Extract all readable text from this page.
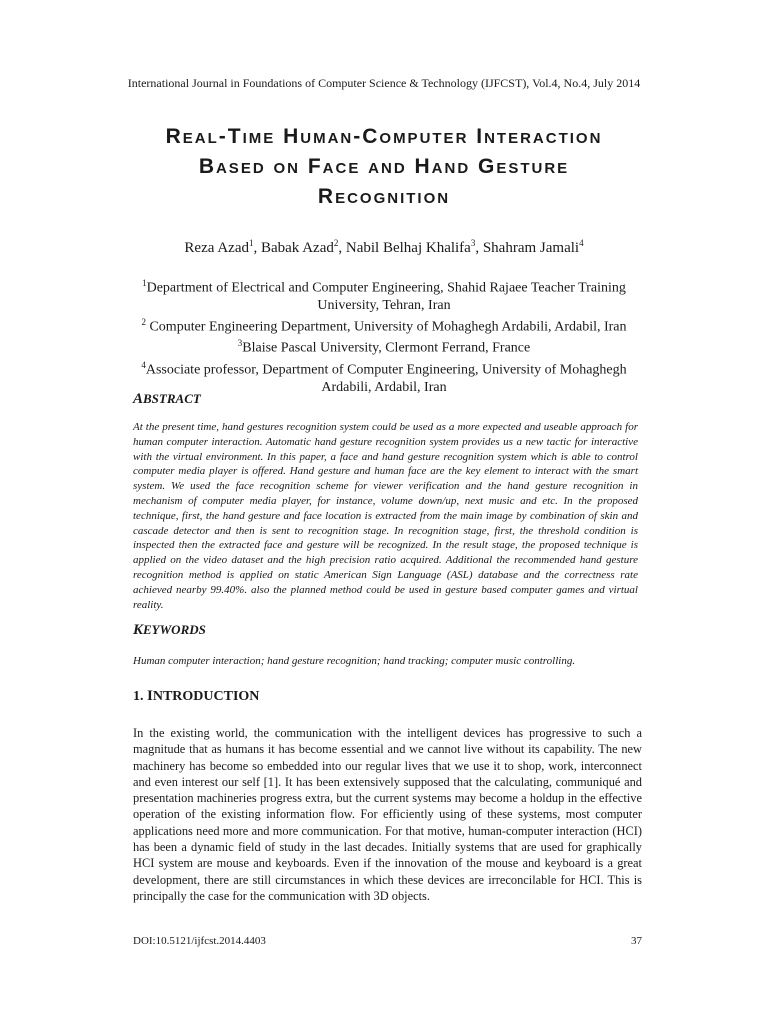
International Journal in Foundations of Computer Science & Technology (IJFCST), Vol.4, No.4, July 2014
Real-Time Human-Computer Interaction
Based on Face and Hand Gesture
Recognition
Reza Azad$^1$, Babak Azad$^2$, Nabil Belhaj Khalifa$^3$, Shahram Jamali$^4$
$^1$Department of Electrical and Computer Engineering, Shahid Rajaee Teacher Training University, Tehran, Iran
$^2$ Computer Engineering Department, University of Mohaghegh Ardabili, Ardabil, Iran
$^3$Blaise Pascal University, Clermont Ferrand, France
$^4$Associate professor, Department of Computer Engineering, University of Mohaghegh Ardabili, Ardabil, Iran
ABSTRACT
At the present time, hand gestures recognition system could be used as a more expected and useable approach for human computer interaction. Automatic hand gesture recognition system provides us a new tactic for interactive with the virtual environment. In this paper, a face and hand gesture recognition system which is able to control computer media player is offered. Hand gesture and human face are the key element to interact with the smart system. We used the face recognition scheme for viewer verification and the hand gesture recognition in mechanism of computer media player, for instance, volume down/up, next music and etc. In the proposed technique, first, the hand gesture and face location is extracted from the main image by combination of skin and cascade detector and then is sent to recognition stage. In recognition stage, first, the threshold condition is inspected then the extracted face and gesture will be recognized. In the result stage, the proposed technique is applied on the video dataset and the high precision ratio acquired. Additional the recommended hand gesture recognition method is applied on static American Sign Language (ASL) database and the correctness rate achieved nearby 99.40%. also the planned method could be used in gesture based computer games and virtual reality.
KEYWORDS
Human computer interaction; hand gesture recognition; hand tracking; computer music controlling.
1. INTRODUCTION
In the existing world, the communication with the intelligent devices has progressive to such a magnitude that as humans it has become essential and we cannot live without its capability. The new machinery has become so embedded into our regular lives that we use it to shop, work, interconnect and even interest our self [1]. It has been extensively supposed that the calculating, communiqué and presentation machineries progress extra, but the current systems may become a holdup in the effective operation of the existing information flow. For efficiently using of these systems, most computer applications need more and more communication. For that motive, human-computer interaction (HCI) has been a dynamic field of study in the last decades. Initially systems that are used for graphically HCI system are mouse and keyboards. Even if the innovation of the mouse and keyboard is a great development, there are still circumstances in which these devices are irreconcilable for HCI. This is principally the case for the communication with 3D objects.
DOI:10.5121/ijfcst.2014.4403	37
